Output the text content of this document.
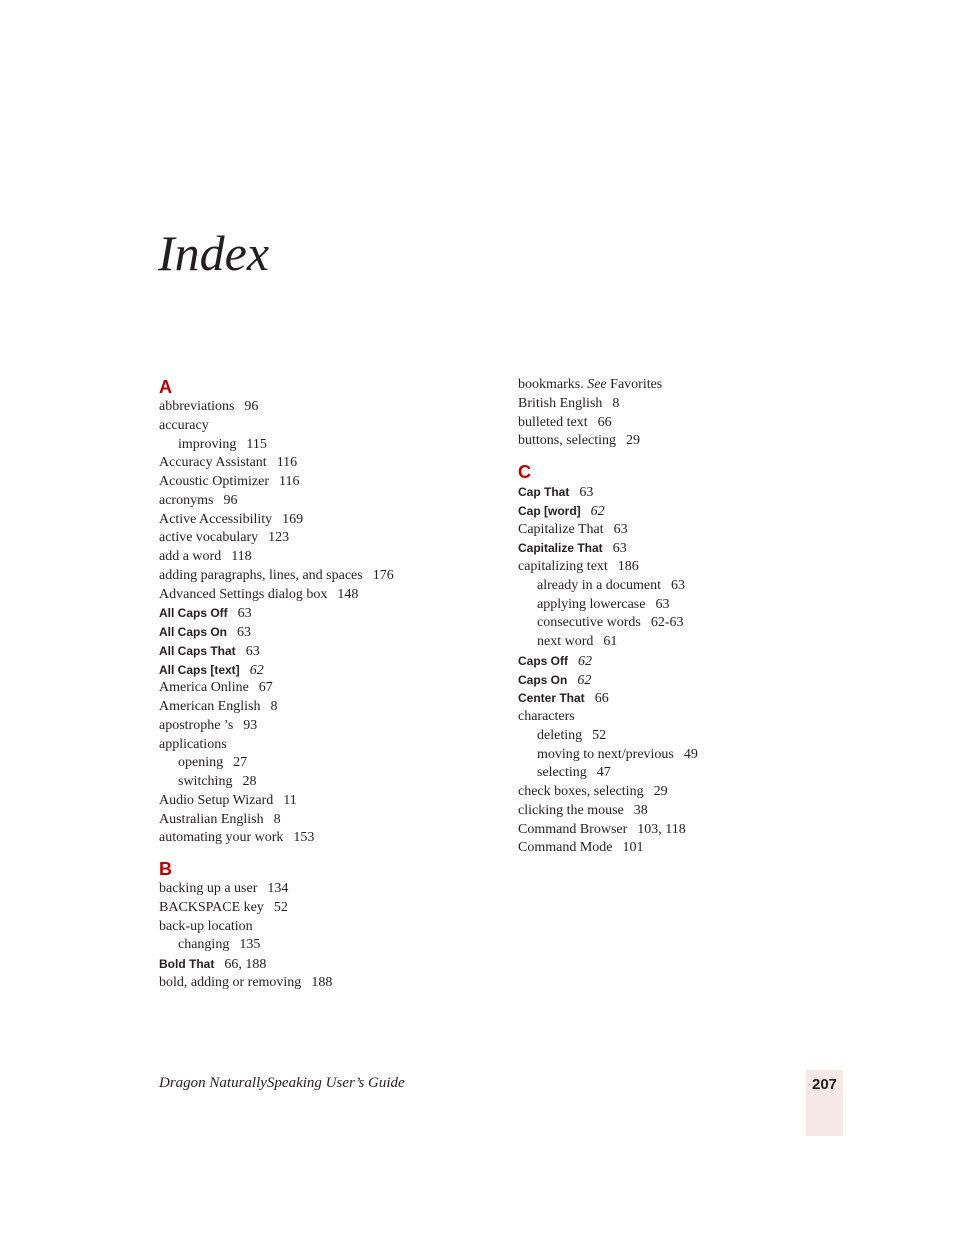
Index
A
abbreviations 96
accuracy
improving 115
Accuracy Assistant 116
Acoustic Optimizer 116
acronyms 96
Active Accessibility 169
active vocabulary 123
add a word 118
adding paragraphs, lines, and spaces 176
Advanced Settings dialog box 148
All Caps Off 63
All Caps On 63
All Caps That 63
All Caps [text] 62
America Online 67
American English 8
apostrophe ’s 93
applications
opening 27
switching 28
Audio Setup Wizard 11
Australian English 8
automating your work 153
B
backing up a user 134
BACKSPACE key 52
back-up location
changing 135
Bold That 66, 188
bold, adding or removing 188
bookmarks. See Favorites
British English 8
bulleted text 66
buttons, selecting 29
C
Cap That 63
Cap [word] 62
Capitalize That 63
Capitalize That 63
capitalizing text 186
already in a document 63
applying lowercase 63
consecutive words 62-63
next word 61
Caps Off 62
Caps On 62
Center That 66
characters
deleting 52
moving to next/previous 49
selecting 47
check boxes, selecting 29
clicking the mouse 38
Command Browser 103, 118
Command Mode 101
Dragon NaturallySpeaking User’s Guide	207
